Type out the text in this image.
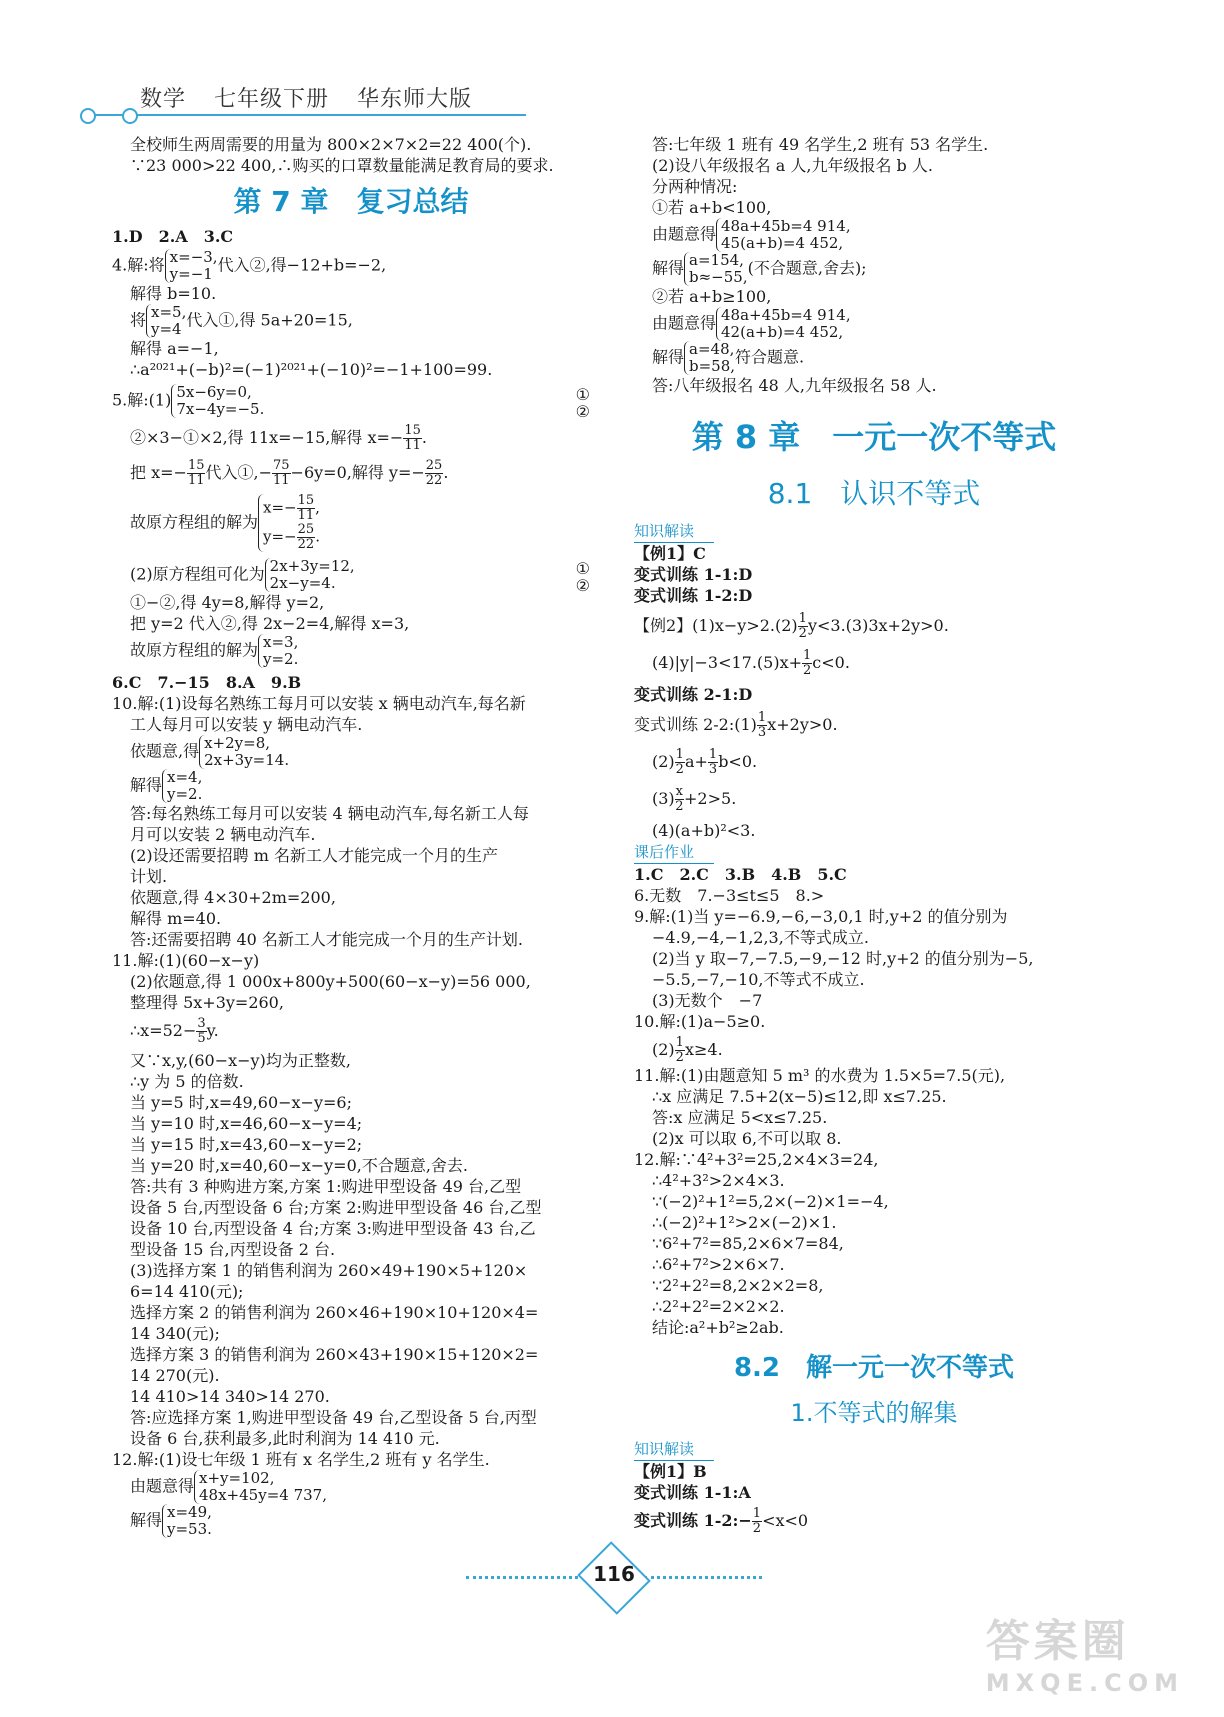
数学 七年级下册 华东师大版

全校师生两周需要的用量为 800×2×7×2=22 400(个).

∵23 000>22 400,∴购买的口罩数量能满足教育局的要求.

第 7 章　复习总结

1.D　2.A　3.C

4.解:将 x=−3,
y=−1 代入②,得−12+b=−2,

解得 b=10.

将 x=5,
y=4 代入①,得 5a+20=15,

解得 a=−1,

∴a²⁰²¹+(−b)²=(−1)²⁰²¹+(−10)²=−1+100=99.

5.解:(1) 5x−6y=0,
7x−4y=−5.
①
②

②×3−①×2,得 11x=−15,解得 $x=- \frac{15}{11}$ .

把 $x=- \frac{15}{11}$ 代入①,− $\frac{75}{11} -6y=0$,解得 $y=- \frac{25}{22}$ .

故原方程组的解为$x=- \frac{15}{11}$ ,
$y=- \frac{25}{22}$ .

(2)原方程组可化为 2x+3y=12,
2x−y=4.
①
②

①−②,得 4y=8,解得 y=2,

把 y=2 代入②,得 2x−2=4,解得 x=3,

故原方程组的解为 x=3,
y=2.

6.C　7.−15　8.A　9.B

10.解:(1)设每名熟练工每月可以安装 x 辆电动汽车,每名新

工人每月可以安装 y 辆电动汽车.

依题意,得 x+2y=8,
2x+3y=14.

解得 x=4,
y=2.

答:每名熟练工每月可以安装 4 辆电动汽车,每名新工人每

月可以安装 2 辆电动汽车.

(2)设还需要招聘 m 名新工人才能完成一个月的生产

计划.

依题意,得 4×30+2m=200,

解得 m=40.

答:还需要招聘 40 名新工人才能完成一个月的生产计划.

11.解:(1)(60−x−y)

(2)依题意,得 1 000x+800y+500(60−x−y)=56 000,

整理得 5x+3y=260,

∴x=52− $\frac{3}{5} y$.

又∵x,y,(60−x−y)均为正整数,

∴y 为 5 的倍数.

当 y=5 时,x=49,60−x−y=6;

当 y=10 时,x=46,60−x−y=4;

当 y=15 时,x=43,60−x−y=2;

当 y=20 时,x=40,60−x−y=0,不合题意,舍去.

答:共有 3 种购进方案,方案 1:购进甲型设备 49 台,乙型

设备 5 台,丙型设备 6 台;方案 2:购进甲型设备 46 台,乙型

设备 10 台,丙型设备 4 台;方案 3:购进甲型设备 43 台,乙

型设备 15 台,丙型设备 2 台.

(3)选择方案 1 的销售利润为 260×49+190×5+120×

6=14 410(元);

选择方案 2 的销售利润为 260×46+190×10+120×4=

14 340(元);

选择方案 3 的销售利润为 260×43+190×15+120×2=

14 270(元).

14 410>14 340>14 270.

答:应选择方案 1,购进甲型设备 49 台,乙型设备 5 台,丙型

设备 6 台,获利最多,此时利润为 14 410 元.

12.解:(1)设七年级 1 班有 x 名学生,2 班有 y 名学生.

由题意得 x+y=102,
48x+45y=4 737,

解得 x=49,
y=53.

答:七年级 1 班有 49 名学生,2 班有 53 名学生.

(2)设八年级报名 a 人,九年级报名 b 人.

分两种情况:

①若 a+b<100,

由题意得 48a+45b=4 914,
45(a+b)=4 452,

解得 a=154,
b≈−55,(不合题意,舍去);

②若 a+b≥100,

由题意得 48a+45b=4 914,
42(a+b)=4 452,

解得 a=48,
b=58,符合题意.

答:八年级报名 48 人,九年级报名 58 人.

第 8 章　一元一次不等式

8.1　认识不等式

知识解读

【例1】C

变式训练 1-1:D

变式训练 1-2:D

【例2】$(1)x-y>2.(2) \frac{1}{2} y<3.(3)3x+2y>0$.

$(4)|y|-3<17.(5)x+ \frac{1}{2} c<0$.

变式训练 2-1:D

变式训练 2-2:(1) $\frac{1}{3} x+2y>0$.

$(2) \frac{1}{2} a+ \frac{1}{3} b<0$.

$(3) \frac{x}{2} +2>5$.

(4)(a+b)²<3.

课后作业

1.C　2.C　3.B　4.B　5.C

6.无数　7.−3≤t≤5　8.>

9.解:(1)当 y=−6.9,−6,−3,0,1 时,y+2 的值分别为

−4.9,−4,−1,2,3,不等式成立.

(2)当 y 取−7,−7.5,−9,−12 时,y+2 的值分别为−5,

−5.5,−7,−10,不等式不成立.

(3)无数个　−7

10.解:(1)a−5≥0.

$(2) \frac{1}{2} x\ge 4$.

11.解:(1)由题意知 5 m³ 的水费为 1.5×5=7.5(元),

∴x 应满足 7.5+2(x−5)≤12,即 x≤7.25.

答:x 应满足 5<x≤7.25.

(2)x 可以取 6,不可以取 8.

12.解:∵4²+3²=25,2×4×3=24,

∴4²+3²>2×4×3.

∵(−2)²+1²=5,2×(−2)×1=−4,

∴(−2)²+1²>2×(−2)×1.

∵6²+7²=85,2×6×7=84,

∴6²+7²>2×6×7.

∵2²+2²=8,2×2×2=8,

∴2²+2²=2×2×2.

结论:a²+b²≥2ab.

8.2　解一元一次不等式

1.不等式的解集

知识解读

【例1】B

变式训练 1-1:A

变式训练 1-2:− $\frac{1}{2} <x<0$

116
答案圈
MXQE.COM
